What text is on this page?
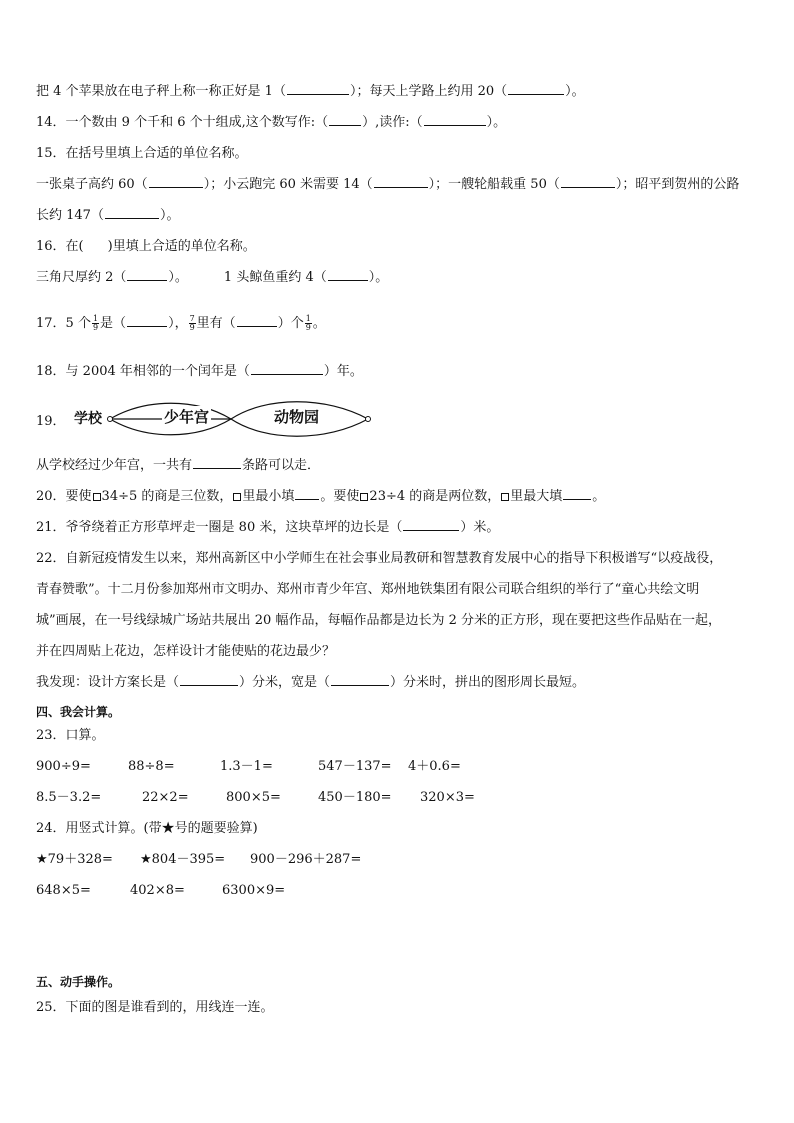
把 4 个苹果放在电子秤上称一称正好是 1（	）；每天上学路上约用 20（	）。
14．一个数由 9 个千和 6 个十组成,这个数写作:（	）,读作:（	）。
15．在括号里填上合适的单位名称。
一张桌子高约 60（	）；小云跑完 60 米需要 14（	）；一艘轮船载重 50（	）；昭平到贺州的公路
长约 147（	）。
16．在( )里填上合适的单位名称。
三角尺厚约 2（	）。	1 头鲸鱼重约 4（	）。
17．5 个 $\frac{1}{9}$ 是（	）， $\frac{7}{9}$ 里有（	）个 $\frac{1}{9}$ 。
18．与 2004 年相邻的一个闰年是（	）年。
19． 学校	少年宫	动物园
从学校经过少年宫，一共有	条路可以走．
20．要使 34÷5 的商是三位数， 里最小填 。要使 23÷4 的商是两位数， 里最大填 。
21．爷爷绕着正方形草坪走一圈是 80 米，这块草坪的边长是（	）米。
22．自新冠疫情发生以来，郑州高新区中小学师生在社会事业局教研和智慧教育发展中心的指导下积极谱写“以疫战役，
青春赞歌”。十二月份参加郑州市文明办、郑州市青少年宫、郑州地铁集团有限公司联合组织的举行了“童心共绘文明
城”画展，在一号线绿城广场站共展出 20 幅作品，每幅作品都是边长为 2 分米的正方形，现在要把这些作品贴在一起，
并在四周贴上花边，怎样设计才能使贴的花边最少？
我发现：设计方案长是（	）分米，宽是（	）分米时，拼出的图形周长最短。
四、我会计算。
23．口算。
900÷9=	88÷8=	1.3－1=	547－137= 4＋0.6=
8.5－3.2=	22×2=	800×5=	450－180= 320×3=
24．用竖式计算。(带★号的题要验算)
★79＋328= ★804－395= 900－296＋287=
648×5=	402×8=	6300×9=
五、动手操作。
25．下面的图是谁看到的，用线连一连。
